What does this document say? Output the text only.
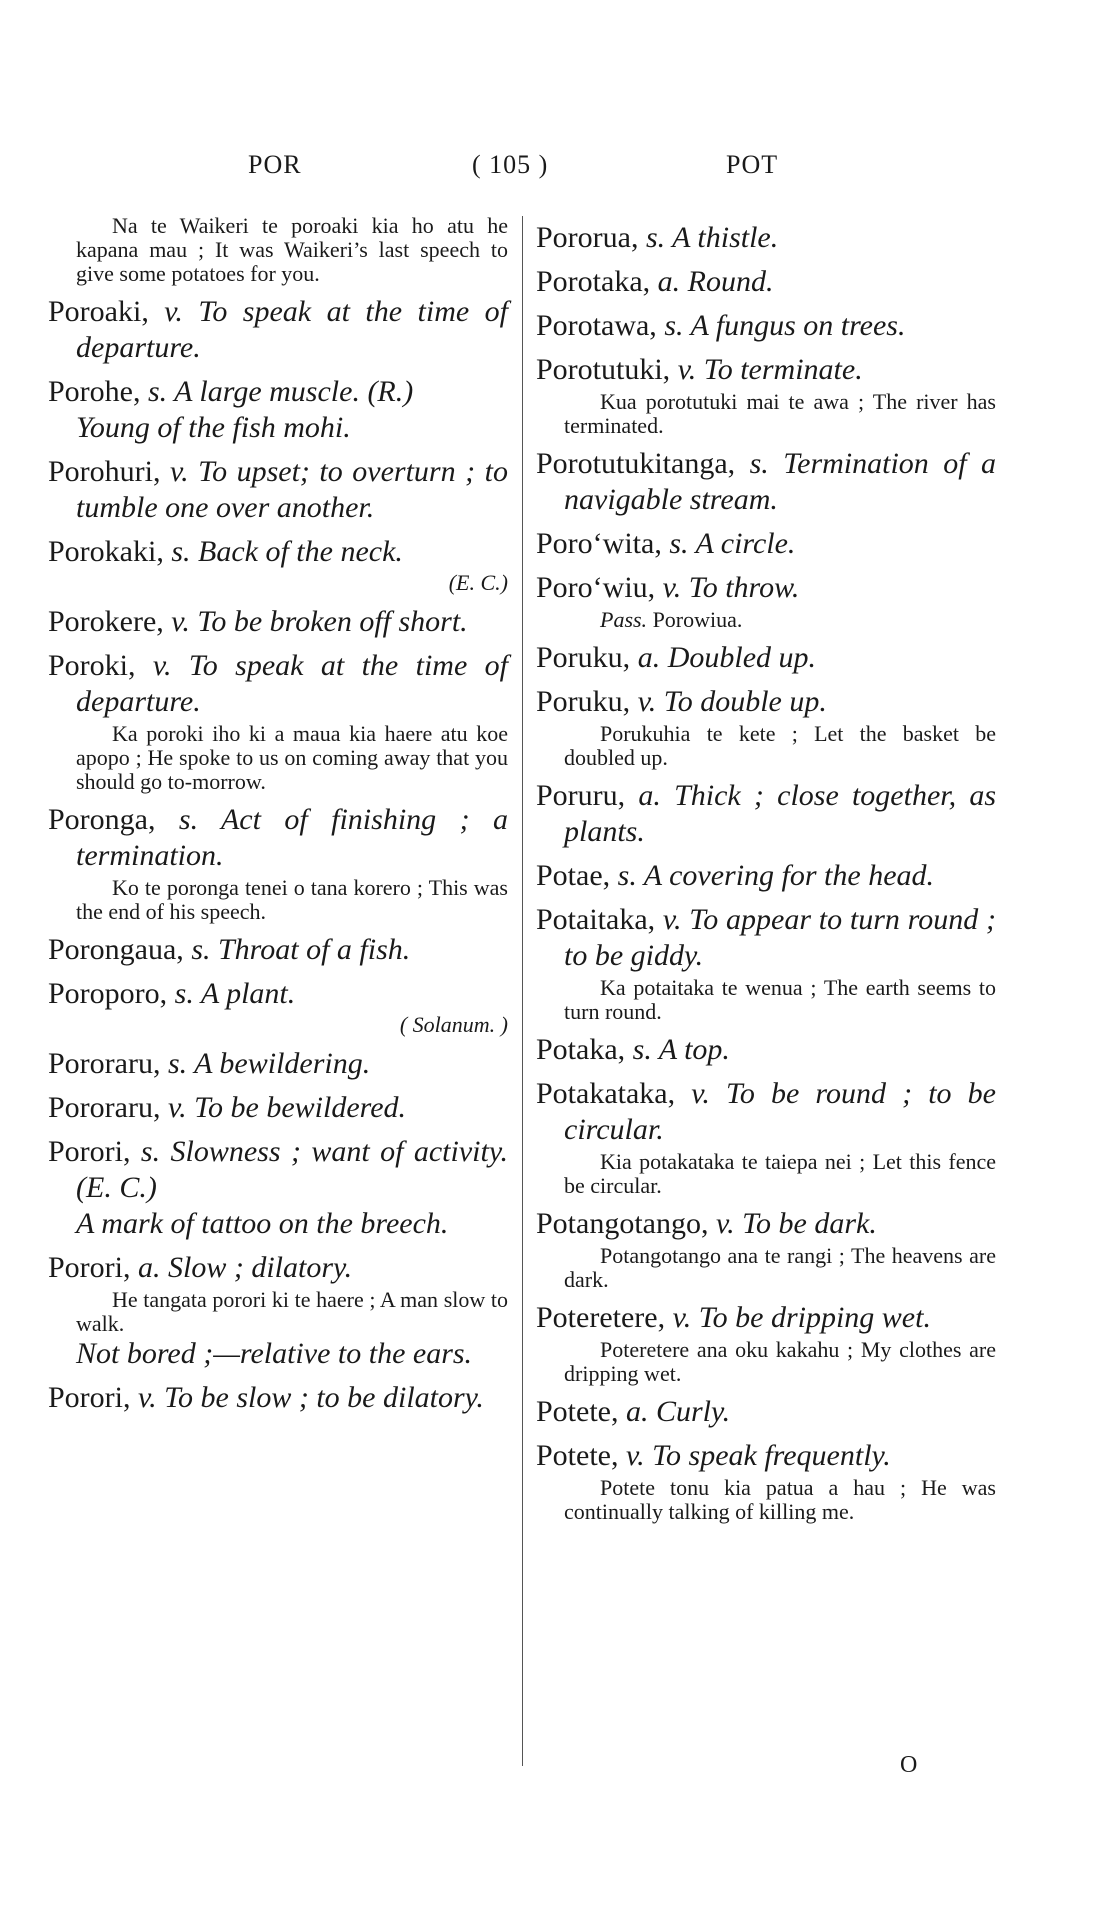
POR	( 105 )	POT
Na te Waikeri te poroaki kia ho atu he kapana mau ; It was Waikeri’s last speech to give some potatoes for you.
Poroaki, v. To speak at the time of departure.
Porohe, s. A large muscle. (R.)
Young of the fish mohi.
Porohuri, v. To upset; to overturn ; to tumble one over another.
Porokaki, s. Back of the neck.
(E. C.)
Porokere, v. To be broken off short.
Poroki, v. To speak at the time of departure.
Ka poroki iho ki a maua kia haere atu koe apopo ; He spoke to us on coming away that you should go to-morrow.
Poronga, s. Act of finishing ; a termination.
Ko te poronga tenei o tana korero ; This was the end of his speech.
Porongaua, s. Throat of a fish.
Poroporo, s. A plant.
( Solanum. )
Pororaru, s. A bewildering.
Pororaru, v. To be bewildered.
Porori, s. Slowness ; want of activity. (E. C.)
A mark of tattoo on the breech.
Porori, a. Slow ; dilatory.
He tangata porori ki te haere ; A man slow to walk.
Not bored ;—relative to the ears.
Porori, v. To be slow ; to be dilatory.
Pororua, s. A thistle.
Porotaka, a. Round.
Porotawa, s. A fungus on trees.
Porotutuki, v. To terminate.
Kua porotutuki mai te awa ; The river has terminated.
Porotutukitanga, s. Termination of a navigable stream.
Poro‘wita, s. A circle.
Poro‘wiu, v. To throw.
Pass. Porowiua.
Poruku, a. Doubled up.
Poruku, v. To double up.
Porukuhia te kete ; Let the basket be doubled up.
Poruru, a. Thick ; close together, as plants.
Potae, s. A covering for the head.
Potaitaka, v. To appear to turn round ; to be giddy.
Ka potaitaka te wenua ; The earth seems to turn round.
Potaka, s. A top.
Potakataka, v. To be round ; to be circular.
Kia potakataka te taiepa nei ; Let this fence be circular.
Potangotango, v. To be dark.
Potangotango ana te rangi ; The heavens are dark.
Poteretere, v. To be dripping wet.
Poteretere ana oku kakahu ; My clothes are dripping wet.
Potete, a. Curly.
Potete, v. To speak frequently.
Potete tonu kia patua a hau ; He was continually talking of killing me.
O
